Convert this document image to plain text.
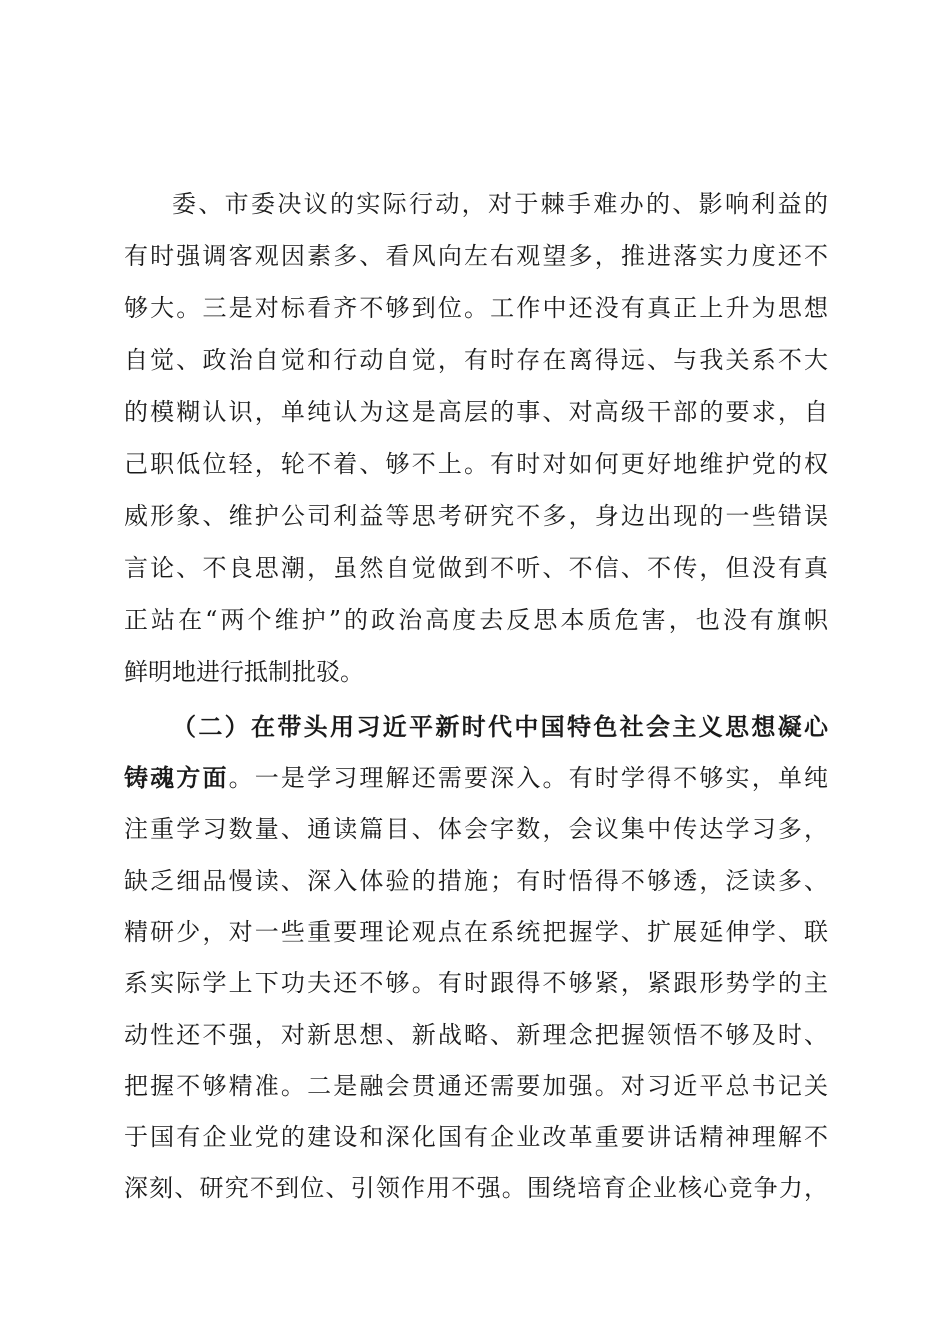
委、市委决议的实际行动，对于棘手难办的、影响利益的
有时强调客观因素多、看风向左右观望多，推进落实力度还不
够大。三是对标看齐不够到位。工作中还没有真正上升为思想
自觉、政治自觉和行动自觉，有时存在离得远、与我关系不大
的模糊认识，单纯认为这是高层的事、对高级干部的要求，自
己职低位轻，轮不着、够不上。有时对如何更好地维护党的权
威形象、维护公司利益等思考研究不多，身边出现的一些错误
言论、不良思潮，虽然自觉做到不听、不信、不传，但没有真
正站在“两个维护”的政治高度去反思本质危害，也没有旗帜
鲜明地进行抵制批驳。
（二）在带头用习近平新时代中国特色社会主义思想凝心
铸魂方面。一是学习理解还需要深入。有时学得不够实，单纯
注重学习数量、通读篇目、体会字数，会议集中传达学习多，
缺乏细品慢读、深入体验的措施；有时悟得不够透，泛读多、
精研少，对一些重要理论观点在系统把握学、扩展延伸学、联
系实际学上下功夫还不够。有时跟得不够紧，紧跟形势学的主
动性还不强，对新思想、新战略、新理念把握领悟不够及时、
把握不够精准。二是融会贯通还需要加强。对习近平总书记关
于国有企业党的建设和深化国有企业改革重要讲话精神理解不
深刻、研究不到位、引领作用不强。围绕培育企业核心竞争力，
